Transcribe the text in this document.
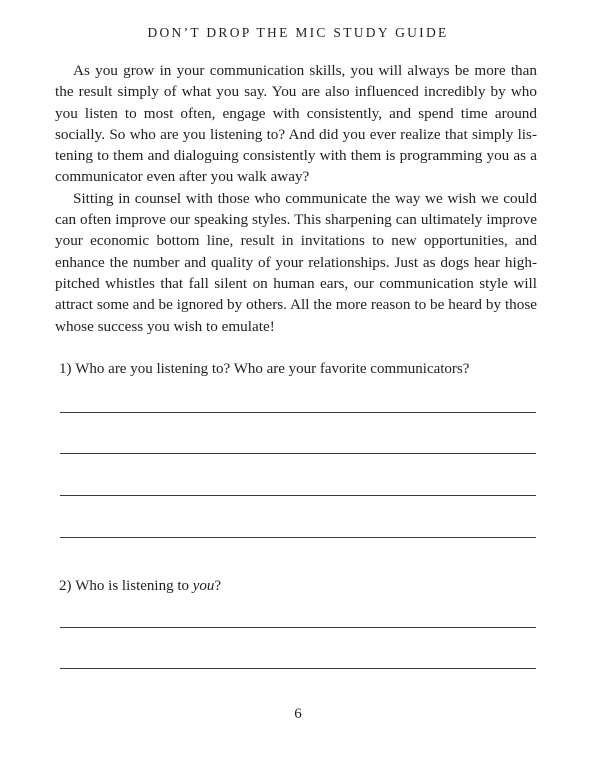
DON’T DROP THE MIC STUDY GUIDE

As you grow in your communication skills, you will always be more than the result simply of what you say. You are also influenced incredibly by who you listen to most often, engage with consistently, and spend time around socially. So who are you listening to? And did you ever realize that simply lis-tening to them and dialoguing consistently with them is programming you as a communicator even after you walk away?

Sitting in counsel with those who communicate the way we wish we could can often improve our speaking styles. This sharpening can ultimately improve your economic bottom line, result in invitations to new opportunities, and enhance the number and quality of your relationships. Just as dogs hear high-pitched whistles that fall silent on human ears, our communication style will attract some and be ignored by others. All the more reason to be heard by those whose success you wish to emulate!

1) Who are you listening to? Who are your favorite communicators?
2) Who is listening to you?
6
